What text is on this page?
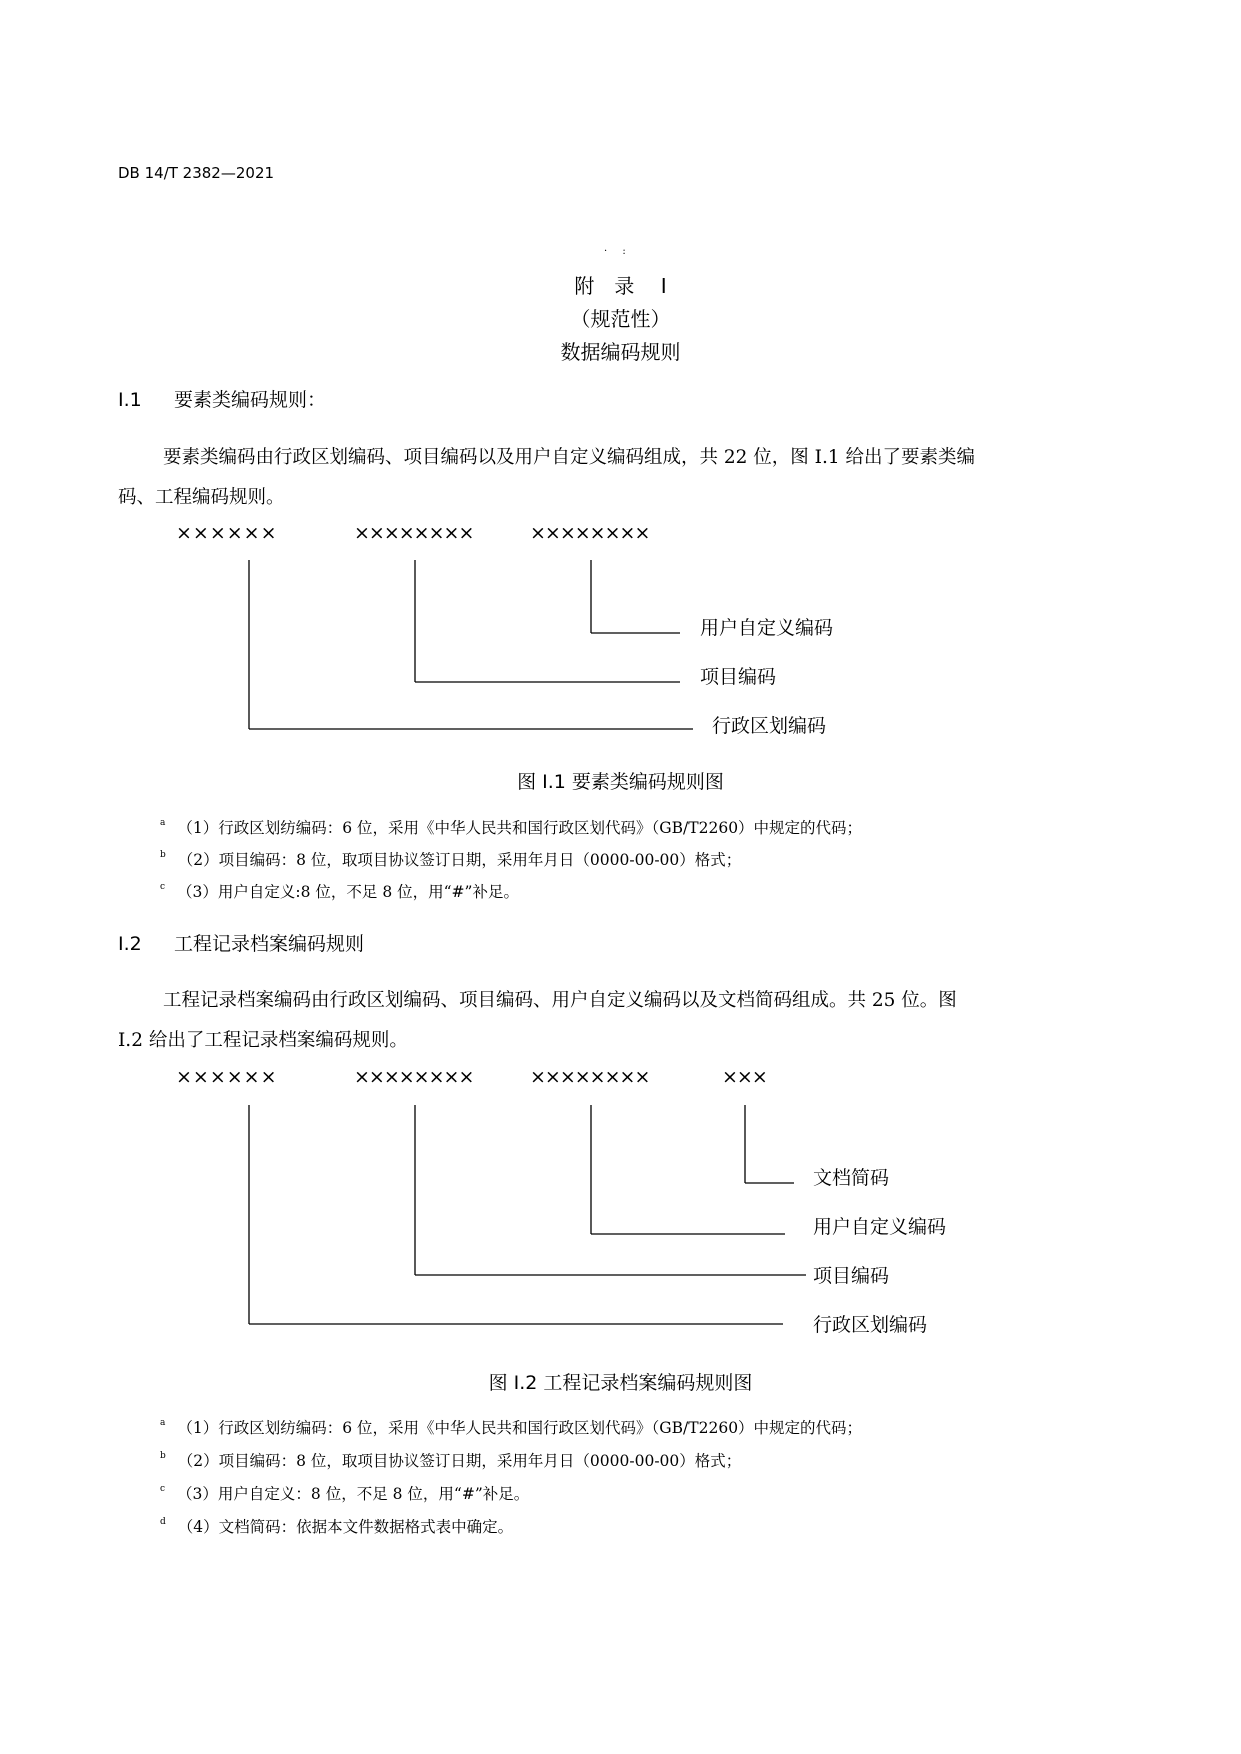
DB 14/T 2382—2021
· :
附　录　 I
（规范性）
数据编码规则
I.1 要素类编码规则：
要素类编码由行政区划编码、项目编码以及用户自定义编码组成，共 22 位，图 I.1 给出了要素类编
码、工程编码规则。
××××××	××××××××	××××××××
用户自定义编码
项目编码
行政区划编码
图 I.1 要素类编码规则图
$^a$ （1）行政区划纺编码：6 位，采用《中华人民共和国行政区划代码》（GB/T2260）中规定的代码；
$^b$ （2）项目编码：8 位，取项目协议签订日期，采用年月日（0000-00-00）格式；
$^c$ （3）用户自定义:8 位，不足 8 位，用“#”补足。
I.2 工程记录档案编码规则
工程记录档案编码由行政区划编码、项目编码、用户自定义编码以及文档简码组成。共 25 位。图
I.2 给出了工程记录档案编码规则。
××××××	××××××××	××××××××	×××
文档简码
用户自定义编码
项目编码
行政区划编码
图 I.2 工程记录档案编码规则图
$^a$ （1）行政区划纺编码：6 位，采用《中华人民共和国行政区划代码》（GB/T2260）中规定的代码；
$^b$ （2）项目编码：8 位，取项目协议签订日期，采用年月日（0000-00-00）格式；
$^c$ （3）用户自定义：8 位，不足 8 位，用“#”补足。
$^d$ （4）文档简码：依据本文件数据格式表中确定。
